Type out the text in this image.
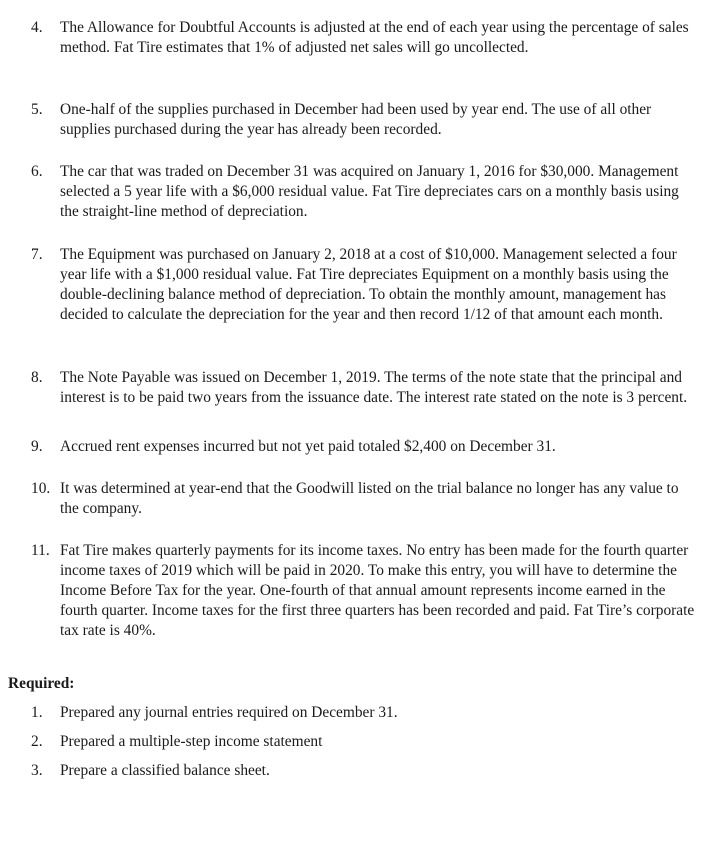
4.	The Allowance for Doubtful Accounts is adjusted at the end of each year using the percentage of sales method. Fat Tire estimates that 1% of adjusted net sales will go uncollected.
5.	One-half of the supplies purchased in December had been used by year end. The use of all other supplies purchased during the year has already been recorded.
6.	The car that was traded on December 31 was acquired on January 1, 2016 for $30,000. Management selected a 5 year life with a $6,000 residual value. Fat Tire depreciates cars on a monthly basis using the straight-line method of depreciation.
7.	The Equipment was purchased on January 2, 2018 at a cost of $10,000. Management selected a four year life with a $1,000 residual value. Fat Tire depreciates Equipment on a monthly basis using the double-declining balance method of depreciation. To obtain the monthly amount, management has decided to calculate the depreciation for the year and then record 1/12 of that amount each month.
8.	The Note Payable was issued on December 1, 2019. The terms of the note state that the principal and interest is to be paid two years from the issuance date. The interest rate stated on the note is 3 percent.
9.	Accrued rent expenses incurred but not yet paid totaled $2,400 on December 31.
10. It was determined at year-end that the Goodwill listed on the trial balance no longer has any value to the company.
11. Fat Tire makes quarterly payments for its income taxes. No entry has been made for the fourth quarter income taxes of 2019 which will be paid in 2020. To make this entry, you will have to determine the Income Before Tax for the year. One-fourth of that annual amount represents income earned in the fourth quarter. Income taxes for the first three quarters has been recorded and paid. Fat Tire’s corporate tax rate is 40%.
Required:
1. Prepared any journal entries required on December 31.
2. Prepared a multiple-step income statement
3. Prepare a classified balance sheet.
